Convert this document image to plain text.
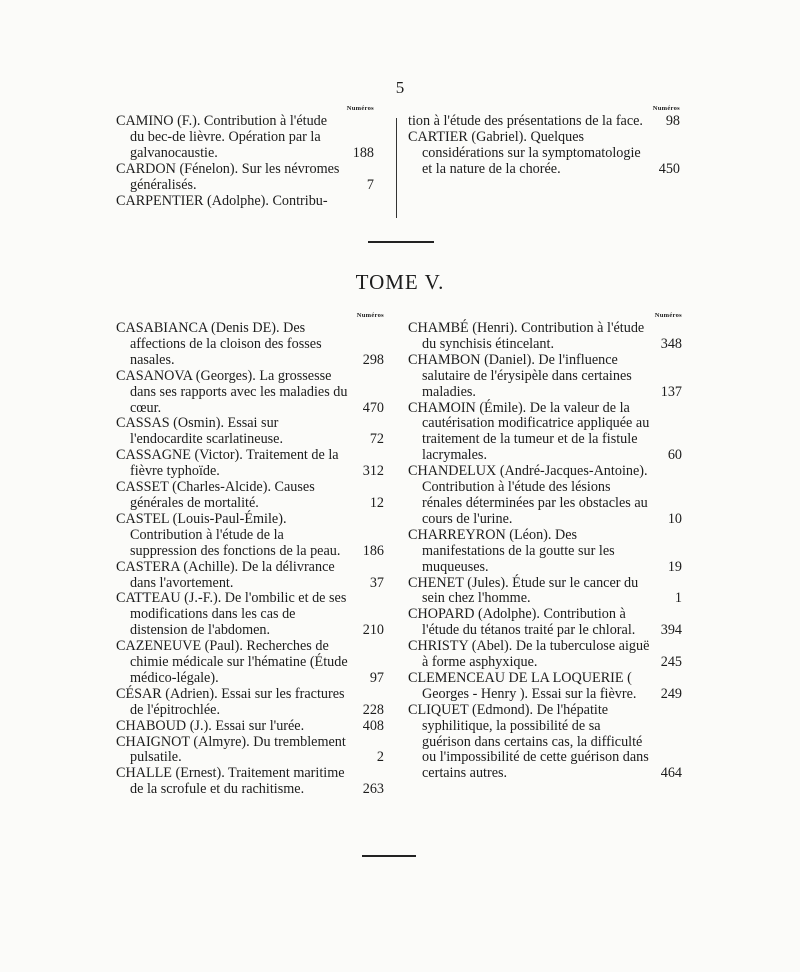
5
Numéros
CAMINO (F.). Contribution à l'étude du bec-de lièvre. Opération par la galvanocaustie.	188
CARDON (Fénelon). Sur les névromes généralisés.	7
CARPENTIER (Adolphe). Contribu-
Numéros
tion à l'étude des présentations de la face.	98
CARTIER (Gabriel). Quelques considérations sur la symptomatologie et la nature de la chorée.	450
TOME V.
Numéros
CASABIANCA (Denis DE). Des affections de la cloison des fosses nasales.	298
CASANOVA (Georges). La grossesse dans ses rapports avec les maladies du cœur.	470
CASSAS (Osmin). Essai sur l'endocardite scarlatineuse.	72
CASSAGNE (Victor). Traitement de la fièvre typhoïde.	312
CASSET (Charles-Alcide). Causes générales de mortalité.	12
CASTEL (Louis-Paul-Émile). Contribution à l'étude de la suppression des fonctions de la peau.	186
CASTERA (Achille). De la délivrance dans l'avortement.	37
CATTEAU (J.-F.). De l'ombilic et de ses modifications dans les cas de distension de l'abdomen.	210
CAZENEUVE (Paul). Recherches de chimie médicale sur l'hématine (Étude médico-légale).	97
CÉSAR (Adrien). Essai sur les fractures de l'épitrochlée.	228
CHABOUD (J.). Essai sur l'urée.	408
CHAIGNOT (Almyre). Du tremblement pulsatile.	2
CHALLE (Ernest). Traitement maritime de la scrofule et du rachitisme.	263
Numéros
CHAMBÉ (Henri). Contribution à l'étude du synchisis étincelant.	348
CHAMBON (Daniel). De l'influence salutaire de l'érysipèle dans certaines maladies.	137
CHAMOIN (Émile). De la valeur de la cautérisation modificatrice appliquée au traitement de la tumeur et de la fistule lacrymales.	60
CHANDELUX (André-Jacques-Antoine). Contribution à l'étude des lésions rénales déterminées par les obstacles au cours de l'urine.	10
CHARREYRON (Léon). Des manifestations de la goutte sur les muqueuses.	19
CHENET (Jules). Étude sur le cancer du sein chez l'homme.	1
CHOPARD (Adolphe). Contribution à l'étude du tétanos traité par le chloral.	394
CHRISTY (Abel). De la tuberculose aiguë à forme asphyxique.	245
CLEMENCEAU DE LA LOQUERIE ( Georges - Henry ). Essai sur la fièvre.	249
CLIQUET (Edmond). De l'hépatite syphilitique, la possibilité de sa guérison dans certains cas, la difficulté ou l'impossibilité de cette guérison dans certains autres.	464
